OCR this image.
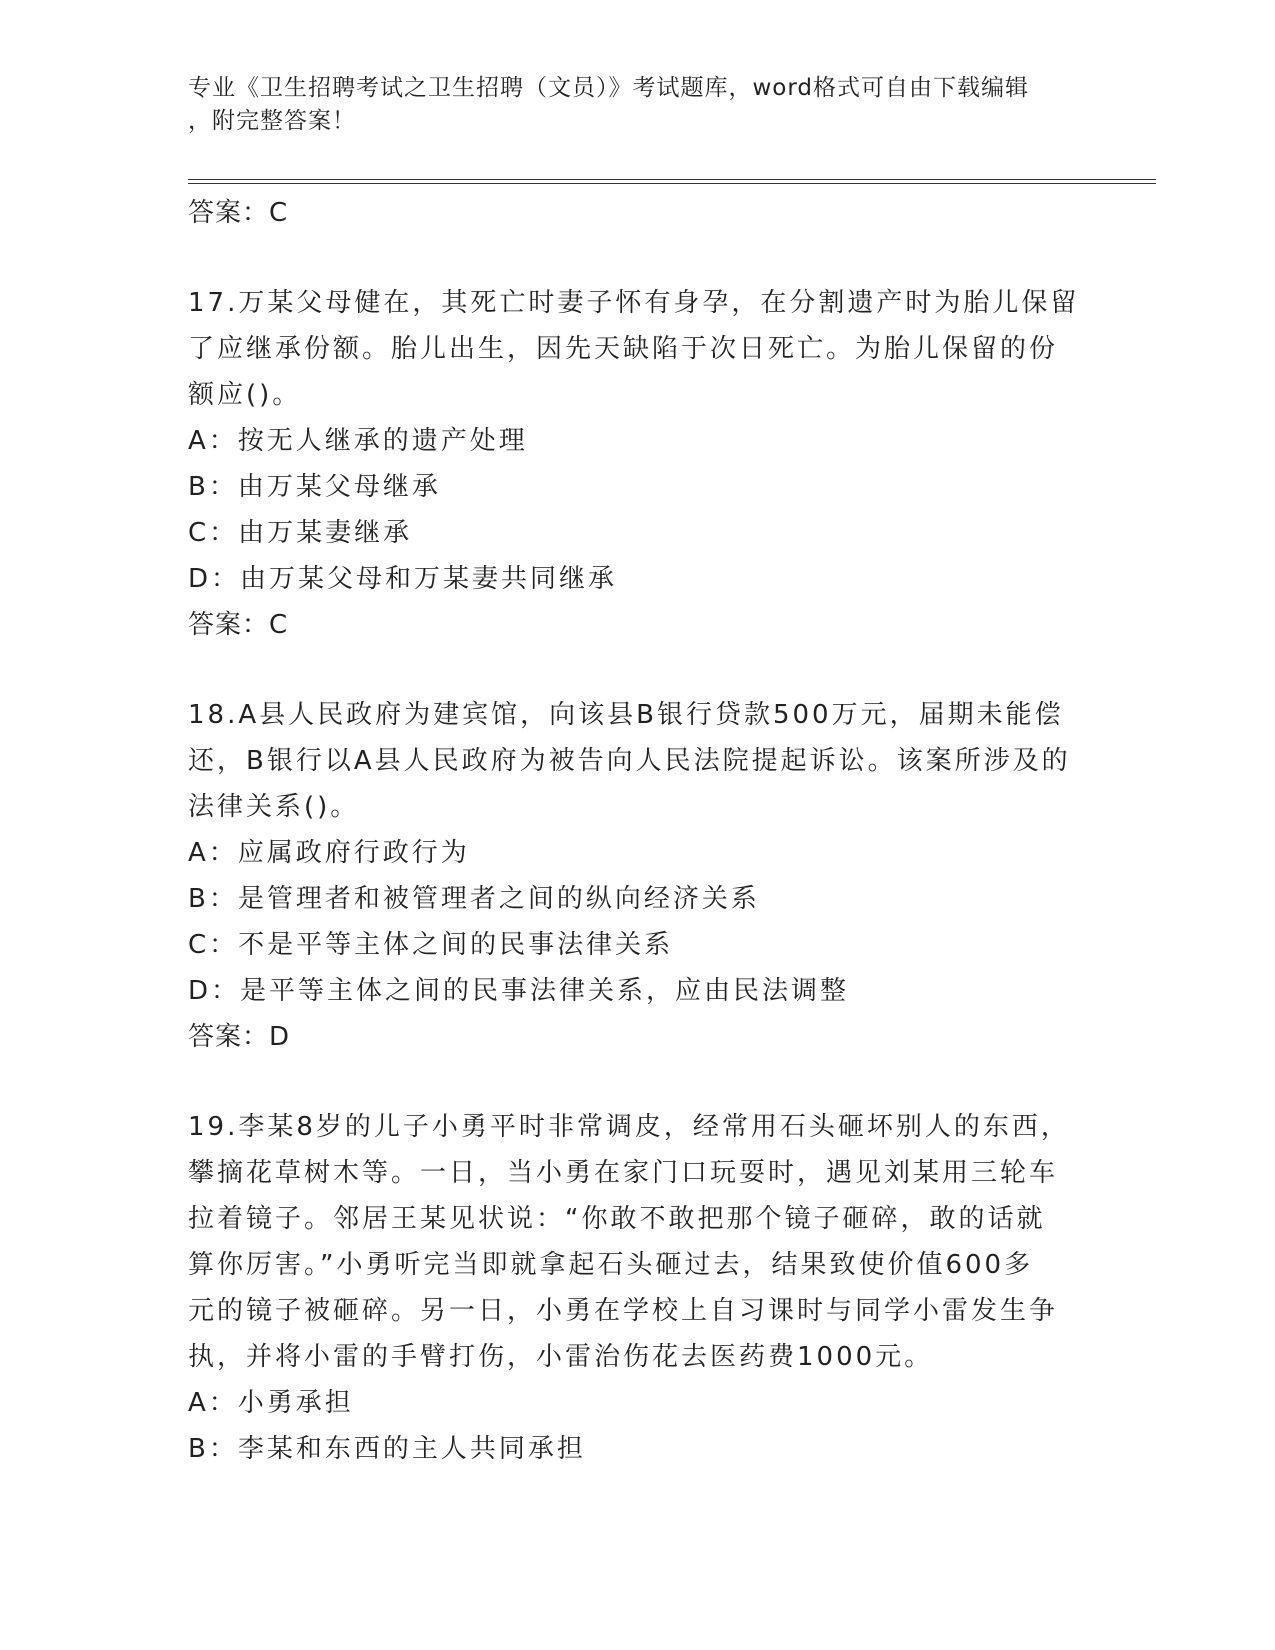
专业《卫生招聘考试之卫生招聘（文员）》考试题库，word格式可自由下载编辑
，附完整答案！

答案：C

17.万某父母健在，其死亡时妻子怀有身孕，在分割遗产时为胎儿保留

了应继承份额。胎儿出生，因先天缺陷于次日死亡。为胎儿保留的份

额应()。

A：按无人继承的遗产处理

B：由万某父母继承

C：由万某妻继承

D：由万某父母和万某妻共同继承

答案：C

18.A县人民政府为建宾馆，向该县B银行贷款500万元，届期未能偿

还，B银行以A县人民政府为被告向人民法院提起诉讼。该案所涉及的

法律关系()。

A：应属政府行政行为

B：是管理者和被管理者之间的纵向经济关系

C：不是平等主体之间的民事法律关系

D：是平等主体之间的民事法律关系，应由民法调整

答案：D

19.李某8岁的儿子小勇平时非常调皮，经常用石头砸坏别人的东西，

攀摘花草树木等。一日，当小勇在家门口玩耍时，遇见刘某用三轮车

拉着镜子。邻居王某见状说：“你敢不敢把那个镜子砸碎，敢的话就

算你厉害。”小勇听完当即就拿起石头砸过去，结果致使价值600多

元的镜子被砸碎。另一日，小勇在学校上自习课时与同学小雷发生争

执，并将小雷的手臂打伤，小雷治伤花去医药费1000元。

A：小勇承担

B：李某和东西的主人共同承担
